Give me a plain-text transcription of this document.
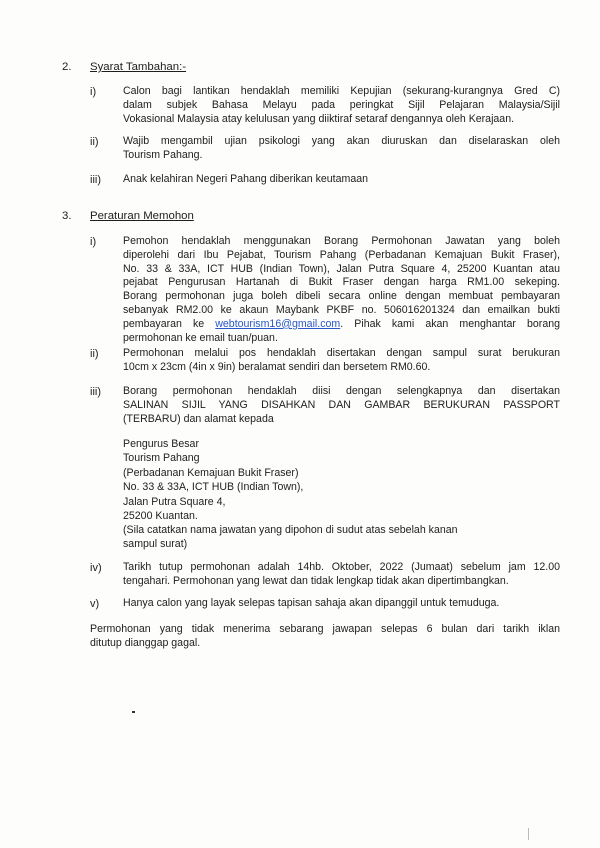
2. Syarat Tambahan:-
i)	Calon bagi lantikan hendaklah memiliki Kepujian (sekurang-kurangnya Gred C)
dalam subjek Bahasa Melayu pada peringkat Sijil Pelajaran Malaysia/Sijil
Vokasional Malaysia atay kelulusan yang diiktiraf setaraf dengannya oleh Kerajaan.
ii) Wajib mengambil ujian psikologi yang akan diuruskan dan diselaraskan oleh
Tourism Pahang.
iii) Anak kelahiran Negeri Pahang diberikan keutamaan
3. Peraturan Memohon
i)	Pemohon hendaklah menggunakan Borang Permohonan Jawatan yang boleh
diperolehi dari Ibu Pejabat, Tourism Pahang (Perbadanan Kemajuan Bukit Fraser),
No. 33 & 33A, ICT HUB (Indian Town), Jalan Putra Square 4, 25200 Kuantan atau
pejabat Pengurusan Hartanah di Bukit Fraser dengan harga RM1.00 sekeping.
Borang permohonan juga boleh dibeli secara online dengan membuat pembayaran
sebanyak RM2.00 ke akaun Maybank PKBF no. 506016201324 dan emailkan bukti
pembayaran ke webtourism16@gmail.com. Pihak kami akan menghantar borang
permohonan ke email tuan/puan.
ii) Permohonan melalui pos hendaklah disertakan dengan sampul surat berukuran
10cm x 23cm (4in x 9in) beralamat sendiri dan bersetem RM0.60.
iii) Borang permohonan hendaklah diisi dengan selengkapnya dan disertakan
SALINAN SIJIL YANG DISAHKAN DAN GAMBAR BERUKURAN PASSPORT
(TERBARU) dan alamat kepada
Pengurus Besar
Tourism Pahang
(Perbadanan Kemajuan Bukit Fraser)
No. 33 & 33A, ICT HUB (Indian Town),
Jalan Putra Square 4,
25200 Kuantan.
(Sila catatkan nama jawatan yang dipohon di sudut atas sebelah kanan
sampul surat)
iv) Tarikh tutup permohonan adalah 14hb. Oktober, 2022 (Jumaat) sebelum jam 12.00
tengahari. Permohonan yang lewat dan tidak lengkap tidak akan dipertimbangkan.
v) Hanya calon yang layak selepas tapisan sahaja akan dipanggil untuk temuduga.
Permohonan yang tidak menerima sebarang jawapan selepas 6 bulan dari tarikh iklan
ditutup dianggap gagal.
